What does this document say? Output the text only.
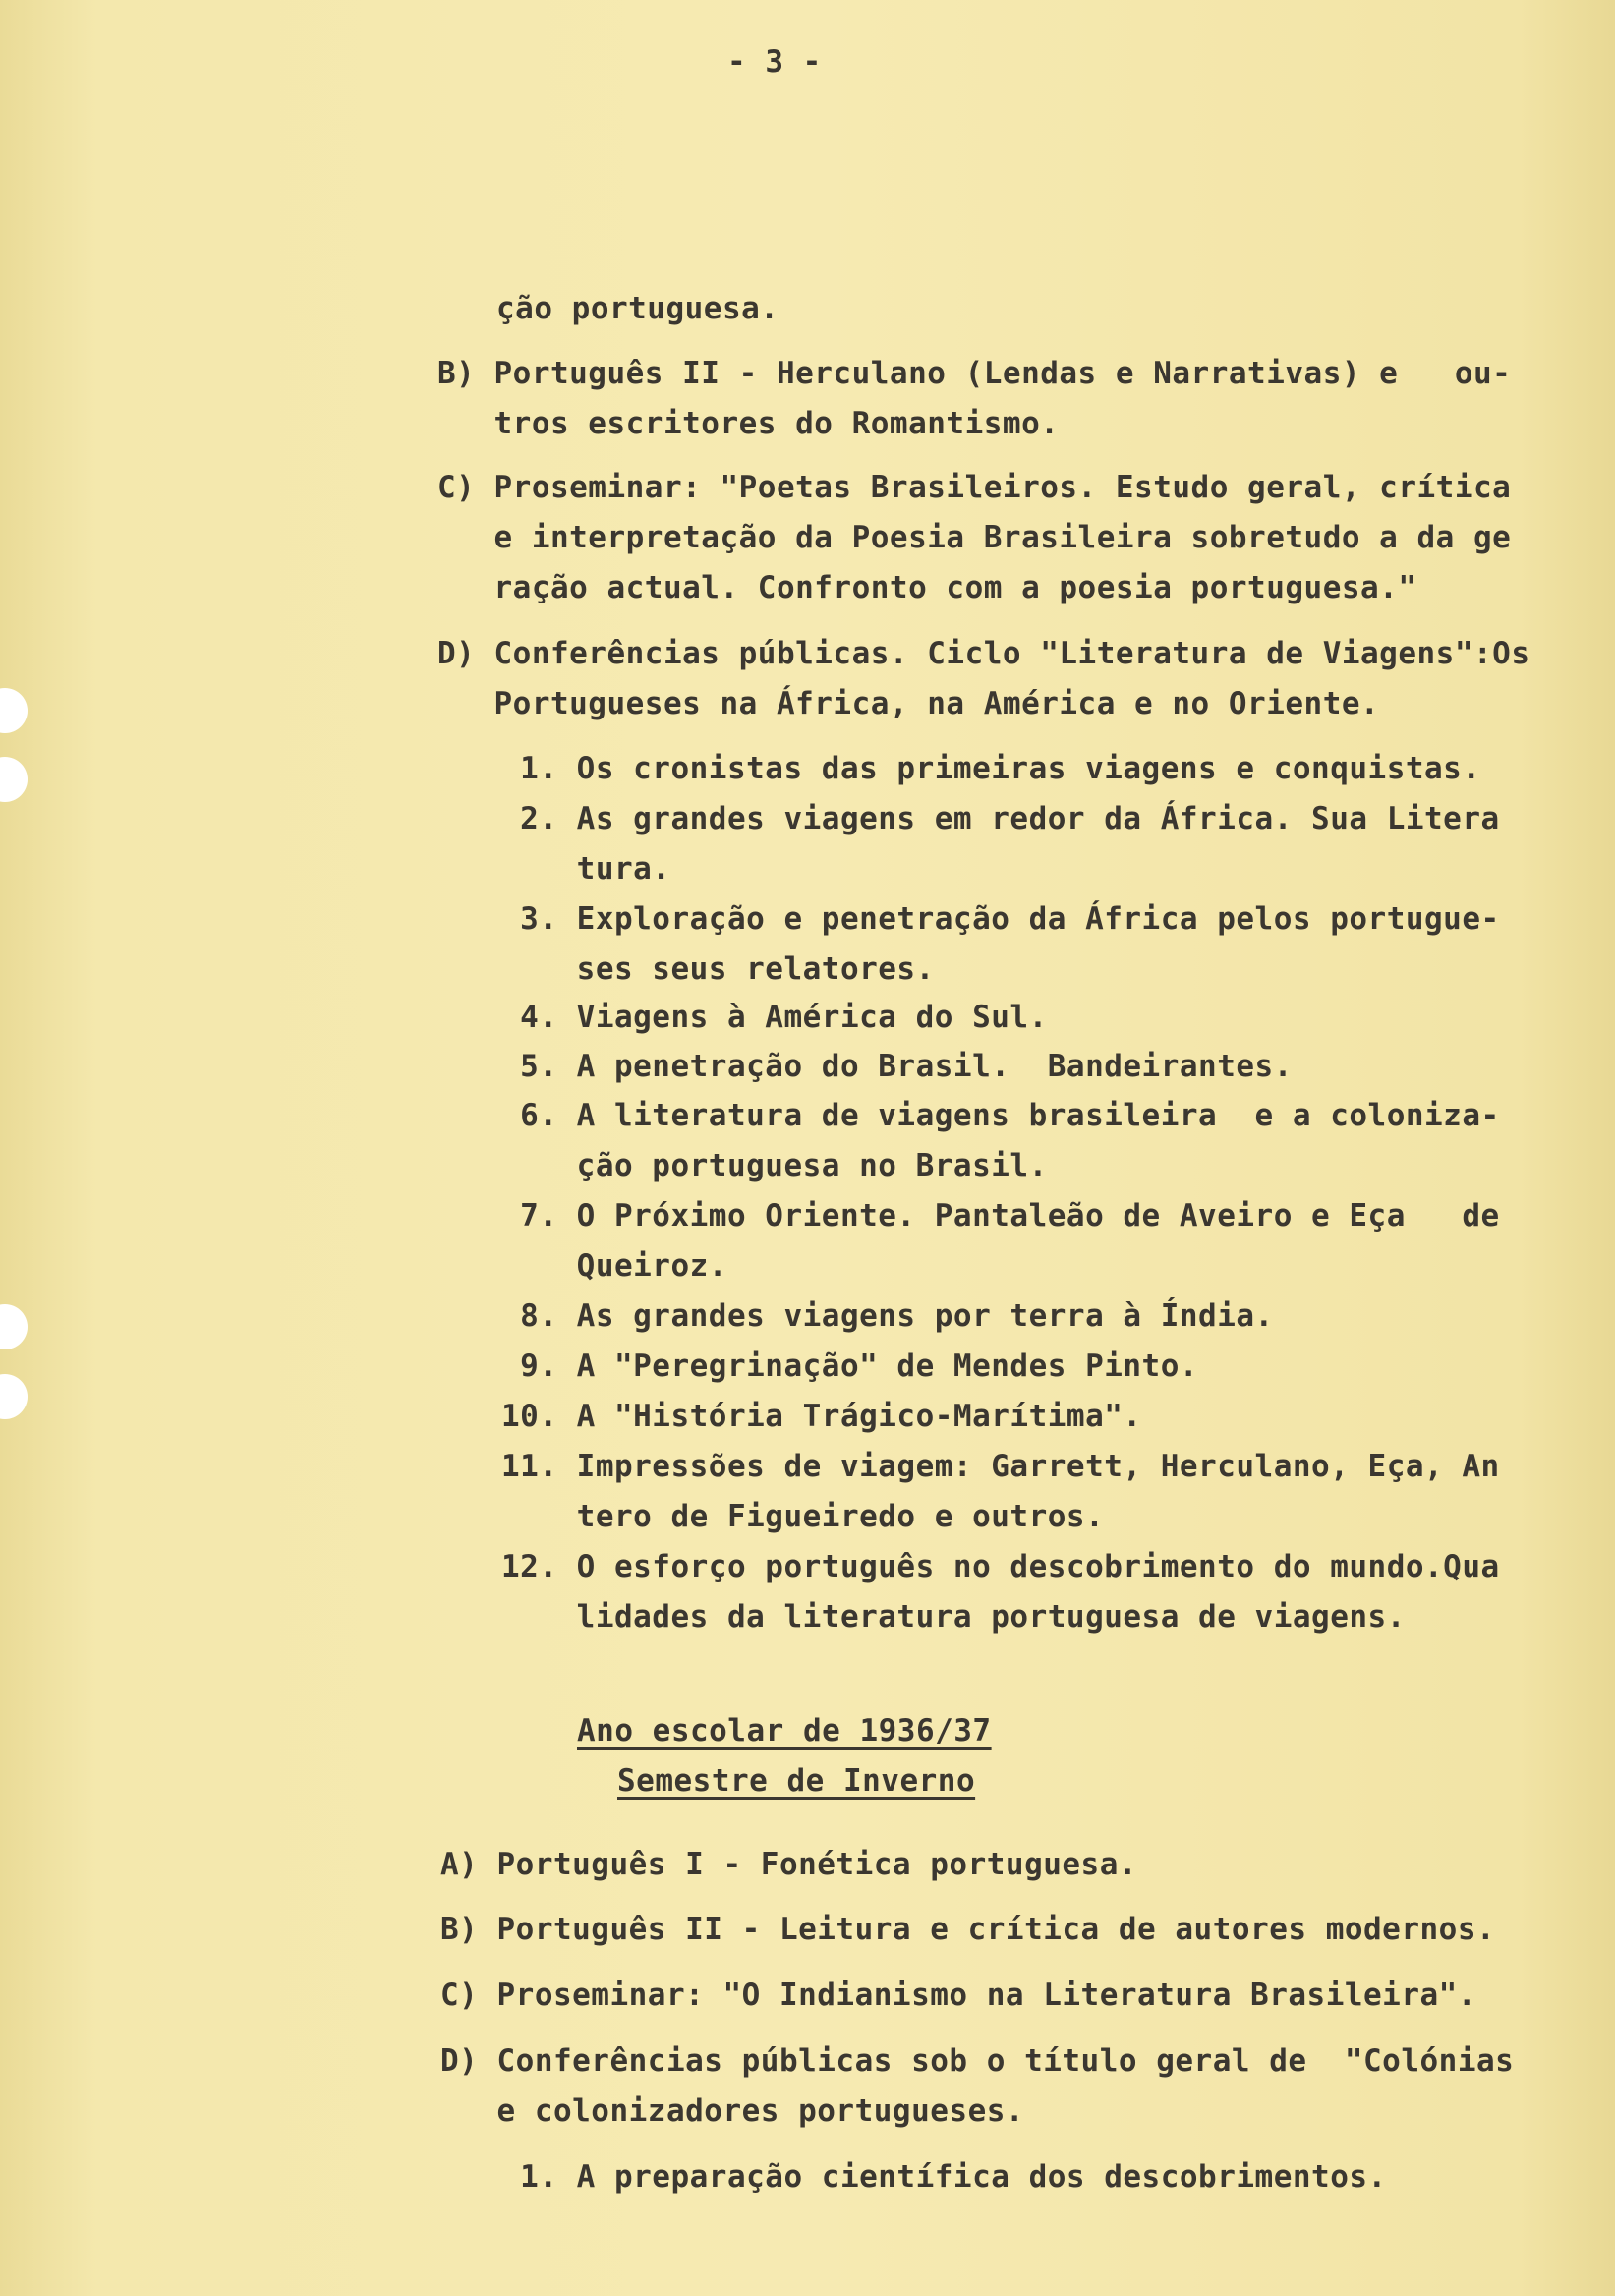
- 3 -
ção portuguesa.
B) Português II - Herculano (Lendas e Narrativas) e   ou-
tros escritores do Romantismo.
C) Proseminar: "Poetas Brasileiros. Estudo geral, crítica
e interpretação da Poesia Brasileira sobretudo a da ge
ração actual. Confronto com a poesia portuguesa."
D) Conferências públicas. Ciclo "Literatura de Viagens":Os
Portugueses na África, na América e no Oriente.
1. Os cronistas das primeiras viagens e conquistas.
2. As grandes viagens em redor da África. Sua Litera
tura.
3. Exploração e penetração da África pelos portugue-
ses seus relatores.
4. Viagens à América do Sul.
5. A penetração do Brasil.  Bandeirantes.
6. A literatura de viagens brasileira  e a coloniza-
ção portuguesa no Brasil.
7. O Próximo Oriente. Pantaleão de Aveiro e Eça   de
Queiroz.
8. As grandes viagens por terra à Índia.
9. A "Peregrinação" de Mendes Pinto.
10. A "História Trágico-Marítima".
11. Impressões de viagem: Garrett, Herculano, Eça, An
tero de Figueiredo e outros.
12. O esforço português no descobrimento do mundo.Qua
lidades da literatura portuguesa de viagens.
Ano escolar de 1936/37
Semestre de Inverno
A) Português I - Fonética portuguesa.
B) Português II - Leitura e crítica de autores modernos.
C) Proseminar: "O Indianismo na Literatura Brasileira".
D) Conferências públicas sob o título geral de  "Colónias
e colonizadores portugueses.
1. A preparação científica dos descobrimentos.
